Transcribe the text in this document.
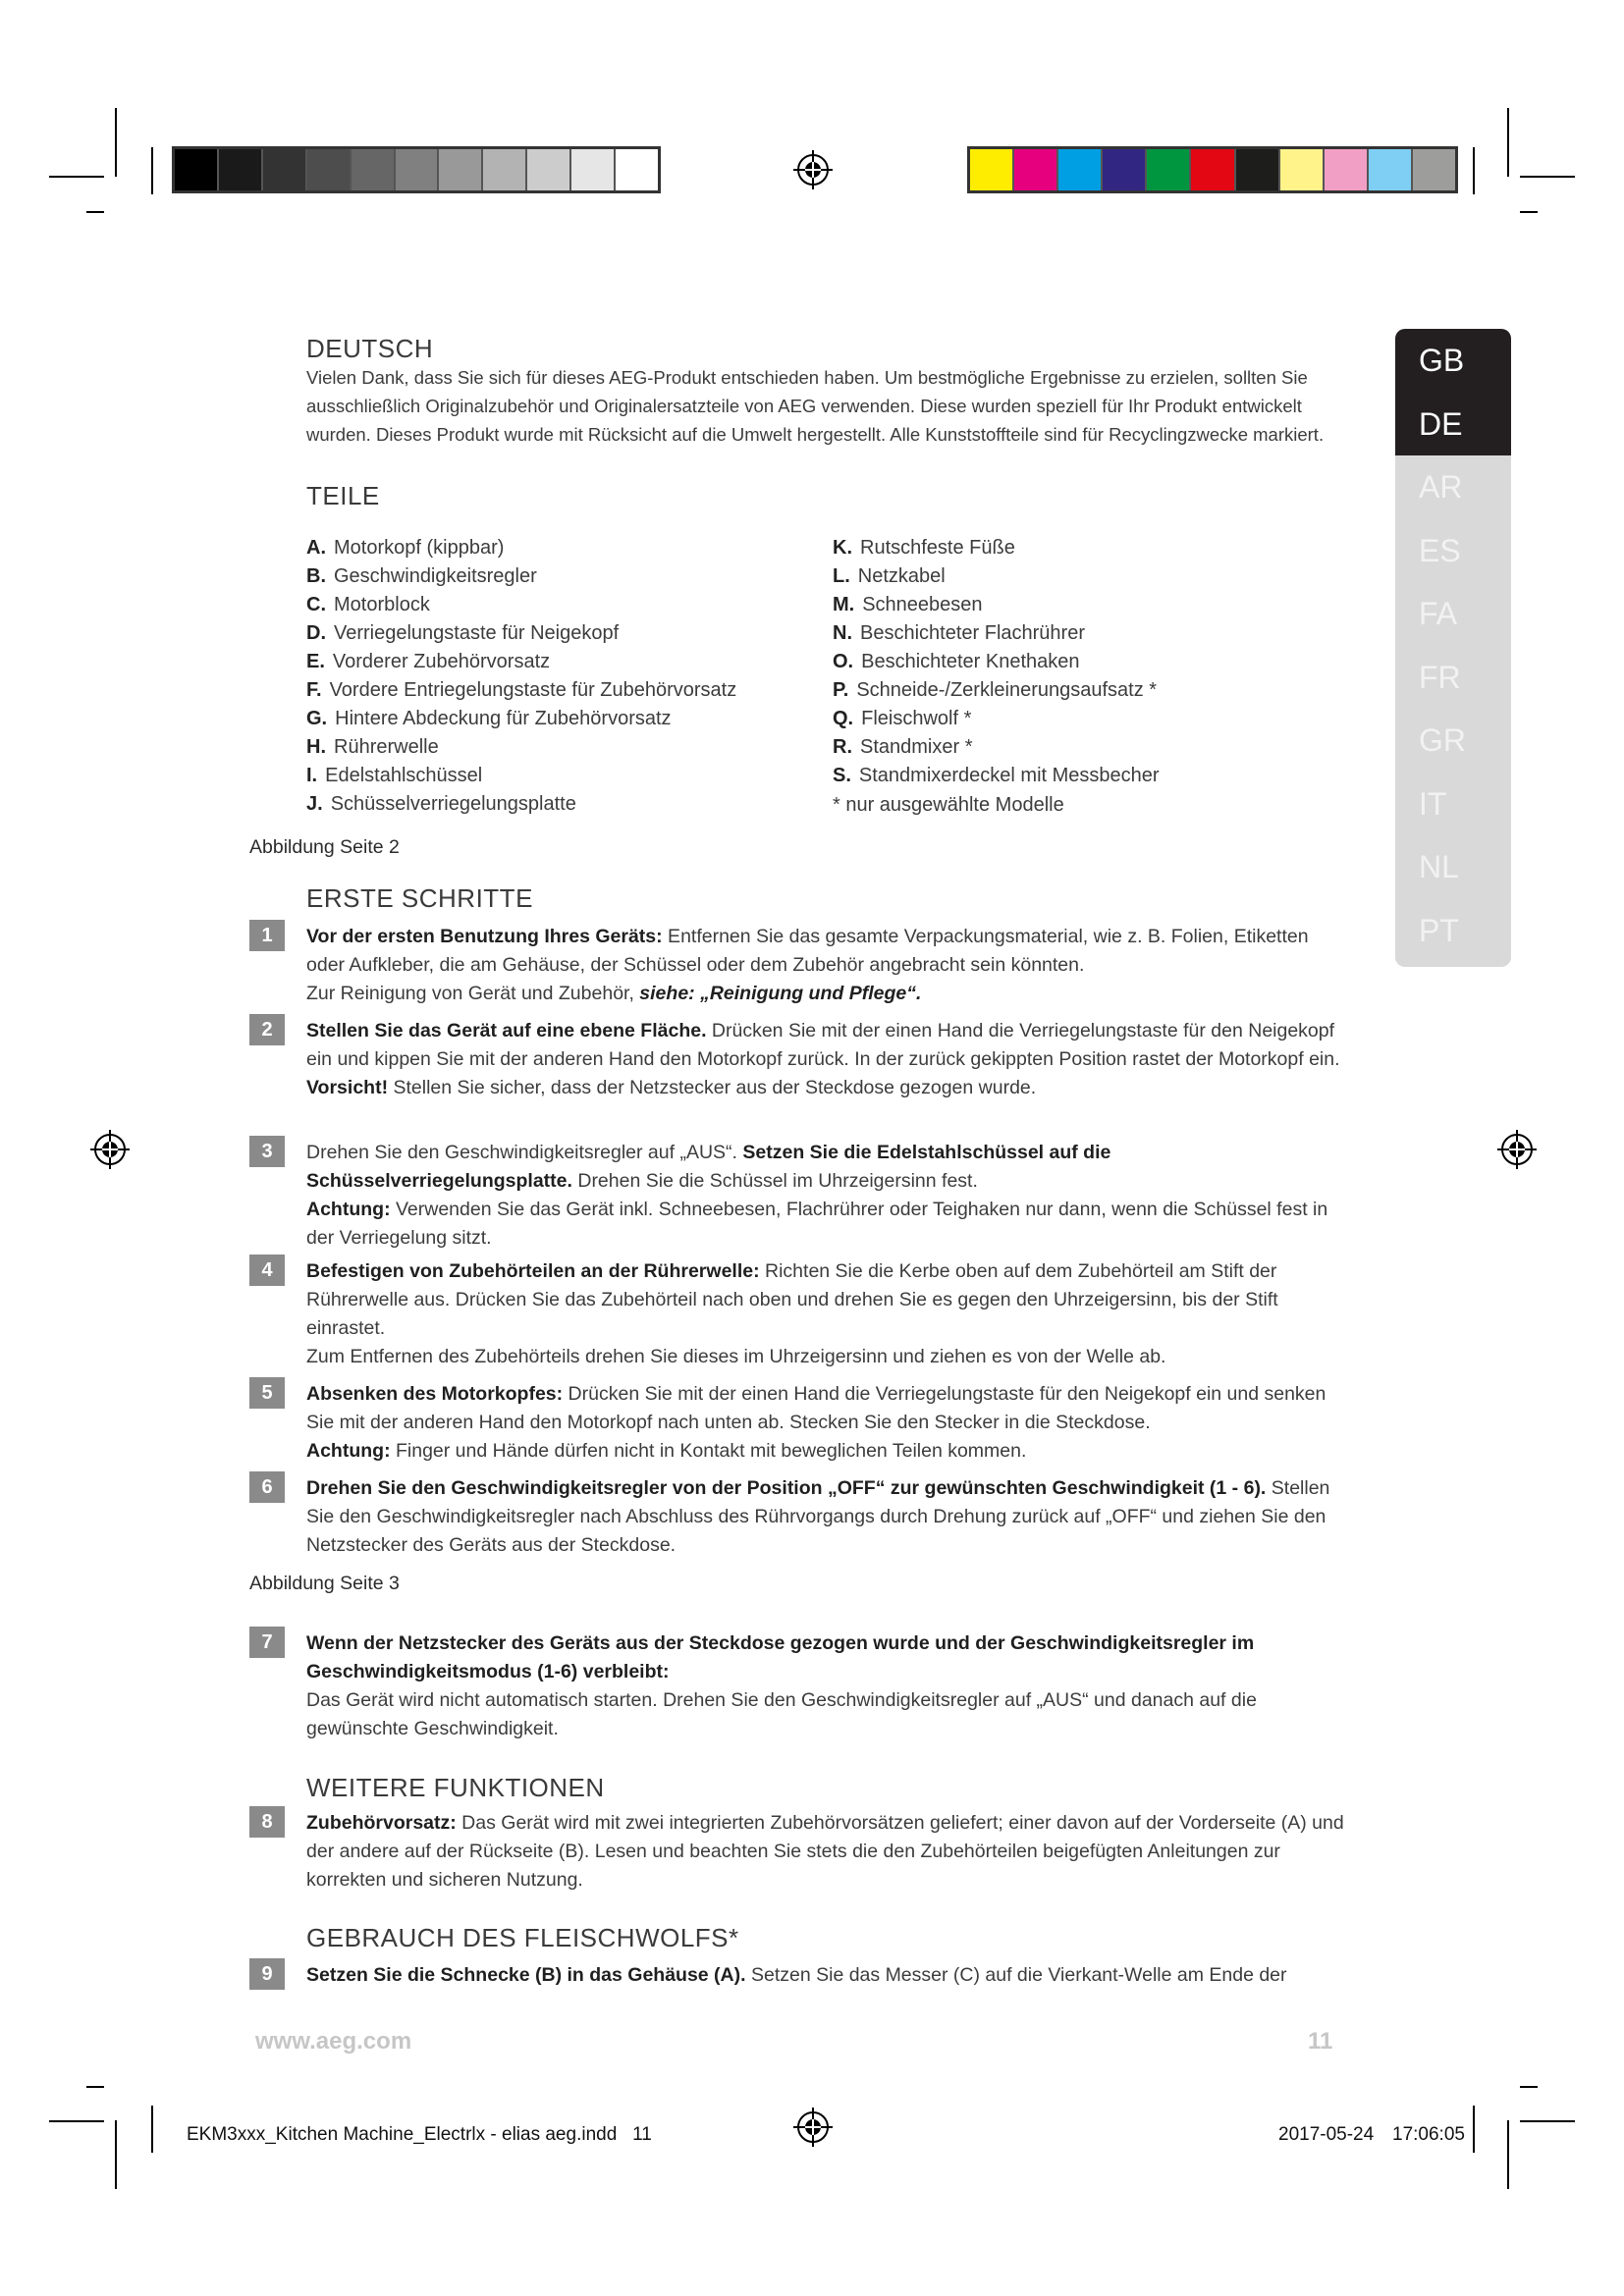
GB
DE
AR
ES
FA
FR
GR
IT
NL
PT
DEUTSCH
Vielen Dank, dass Sie sich für dieses AEG-Produkt entschieden haben. Um bestmögliche Ergebnisse zu erzielen, sollten Sie ausschließlich Originalzubehör und Originalersatzteile von AEG verwenden. Diese wurden speziell für Ihr Produkt entwickelt wurden. Dieses Produkt wurde mit Rücksicht auf die Umwelt hergestellt. Alle Kunststoffteile sind für Recyclingzwecke markiert.
TEILE
A. Motorkopf (kippbar)
B. Geschwindigkeitsregler
C. Motorblock
D. Verriegelungstaste für Neigekopf
E. Vorderer Zubehörvorsatz
F. Vordere Entriegelungstaste für Zubehörvorsatz
G. Hintere Abdeckung für Zubehörvorsatz
H. Rührerwelle
I. Edelstahlschüssel
J. Schüsselverriegelungsplatte
K. Rutschfeste Füße
L. Netzkabel
M. Schneebesen
N. Beschichteter Flachrührer
O. Beschichteter Knethaken
P. Schneide-/Zerkleinerungsaufsatz *
Q. Fleischwolf *
R. Standmixer *
S. Standmixerdeckel mit Messbecher
* nur ausgewählte Modelle
Abbildung Seite 2
ERSTE SCHRITTE
1	Vor der ersten Benutzung Ihres Geräts: Entfernen Sie das gesamte Verpackungsmaterial, wie z. B. Folien, Etiketten oder Aufkleber, die am Gehäuse, der Schüssel oder dem Zubehör angebracht sein könnten.
Zur Reinigung von Gerät und Zubehör, siehe: „Reinigung und Pflege“.
2	Stellen Sie das Gerät auf eine ebene Fläche. Drücken Sie mit der einen Hand die Verriegelungstaste für den Neigekopf ein und kippen Sie mit der anderen Hand den Motorkopf zurück. In der zurück gekippten Position rastet der Motorkopf ein.
Vorsicht! Stellen Sie sicher, dass der Netzstecker aus der Steckdose gezogen wurde.
3	Drehen Sie den Geschwindigkeitsregler auf „AUS“. Setzen Sie die Edelstahlschüssel auf die Schüsselverriegelungsplatte. Drehen Sie die Schüssel im Uhrzeigersinn fest.
Achtung: Verwenden Sie das Gerät inkl. Schneebesen, Flachrührer oder Teighaken nur dann, wenn die Schüssel fest in der Verriegelung sitzt.
4	Befestigen von Zubehörteilen an der Rührerwelle: Richten Sie die Kerbe oben auf dem Zubehörteil am Stift der Rührerwelle aus. Drücken Sie das Zubehörteil nach oben und drehen Sie es gegen den Uhrzeigersinn, bis der Stift einrastet.
Zum Entfernen des Zubehörteils drehen Sie dieses im Uhrzeigersinn und ziehen es von der Welle ab.
5	Absenken des Motorkopfes: Drücken Sie mit der einen Hand die Verriegelungstaste für den Neigekopf ein und senken Sie mit der anderen Hand den Motorkopf nach unten ab. Stecken Sie den Stecker in die Steckdose.
Achtung: Finger und Hände dürfen nicht in Kontakt mit beweglichen Teilen kommen.
6	Drehen Sie den Geschwindigkeitsregler von der Position „OFF“ zur gewünschten Geschwindigkeit (1 - 6). Stellen Sie den Geschwindigkeitsregler nach Abschluss des Rührvorgangs durch Drehung zurück auf „OFF“ und ziehen Sie den Netzstecker des Geräts aus der Steckdose.
Abbildung Seite 3
7	Wenn der Netzstecker des Geräts aus der Steckdose gezogen wurde und der Geschwindigkeitsregler im Geschwindigkeitsmodus (1-6) verbleibt:
Das Gerät wird nicht automatisch starten. Drehen Sie den Geschwindigkeitsregler auf „AUS“ und danach auf die gewünschte Geschwindigkeit.
WEITERE FUNKTIONEN
8	Zubehörvorsatz: Das Gerät wird mit zwei integrierten Zubehörvorsätzen geliefert; einer davon auf der Vorderseite (A) und der andere auf der Rückseite (B). Lesen und beachten Sie stets die den Zubehörteilen beigefügten Anleitungen zur korrekten und sicheren Nutzung.
GEBRAUCH DES FLEISCHWOLFS*
9	Setzen Sie die Schnecke (B) in das Gehäuse (A). Setzen Sie das Messer (C) auf die Vierkant-Welle am Ende der
www.aeg.com	11
EKM3xxx_Kitchen Machine_Electrlx - elias aeg.indd   11	2017-05-24 17:06:05
